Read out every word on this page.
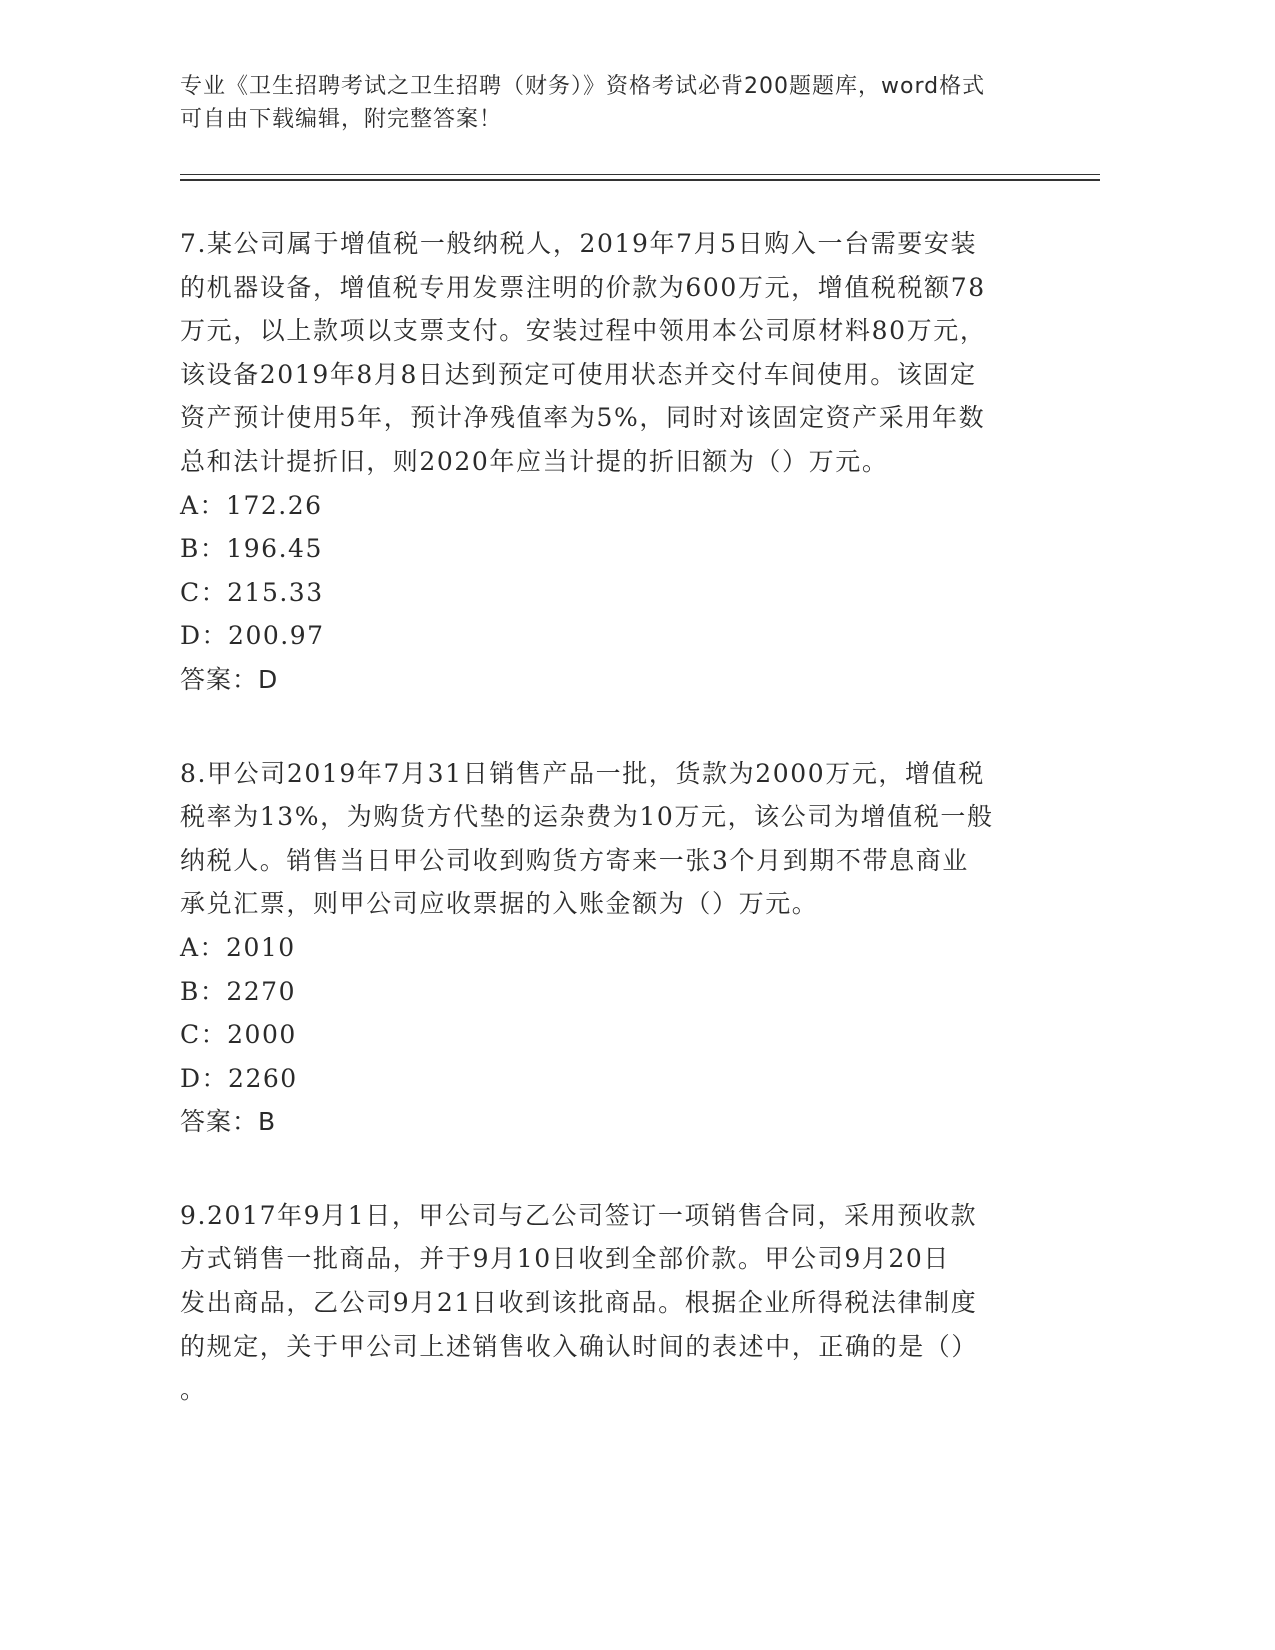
专业《卫生招聘考试之卫生招聘（财务）》资格考试必背200题题库，word格式
可自由下载编辑，附完整答案！

7.某公司属于增值税一般纳税人，2019年7月5日购入一台需要安装

的机器设备，增值税专用发票注明的价款为600万元，增值税税额78

万元，以上款项以支票支付。安装过程中领用本公司原材料80万元，

该设备2019年8月8日达到预定可使用状态并交付车间使用。该固定

资产预计使用5年，预计净残值率为5%，同时对该固定资产采用年数

总和法计提折旧，则2020年应当计提的折旧额为（）万元。

A：172.26

B：196.45

C：215.33

D：200.97

答案：D

8.甲公司2019年7月31日销售产品一批，货款为2000万元，增值税

税率为13%，为购货方代垫的运杂费为10万元，该公司为增值税一般

纳税人。销售当日甲公司收到购货方寄来一张3个月到期不带息商业

承兑汇票，则甲公司应收票据的入账金额为（）万元。

A：2010

B：2270

C：2000

D：2260

答案：B

9.2017年9月1日，甲公司与乙公司签订一项销售合同，采用预收款

方式销售一批商品，并于9月10日收到全部价款。甲公司9月20日

发出商品，乙公司9月21日收到该批商品。根据企业所得税法律制度

的规定，关于甲公司上述销售收入确认时间的表述中，正确的是（）

。
